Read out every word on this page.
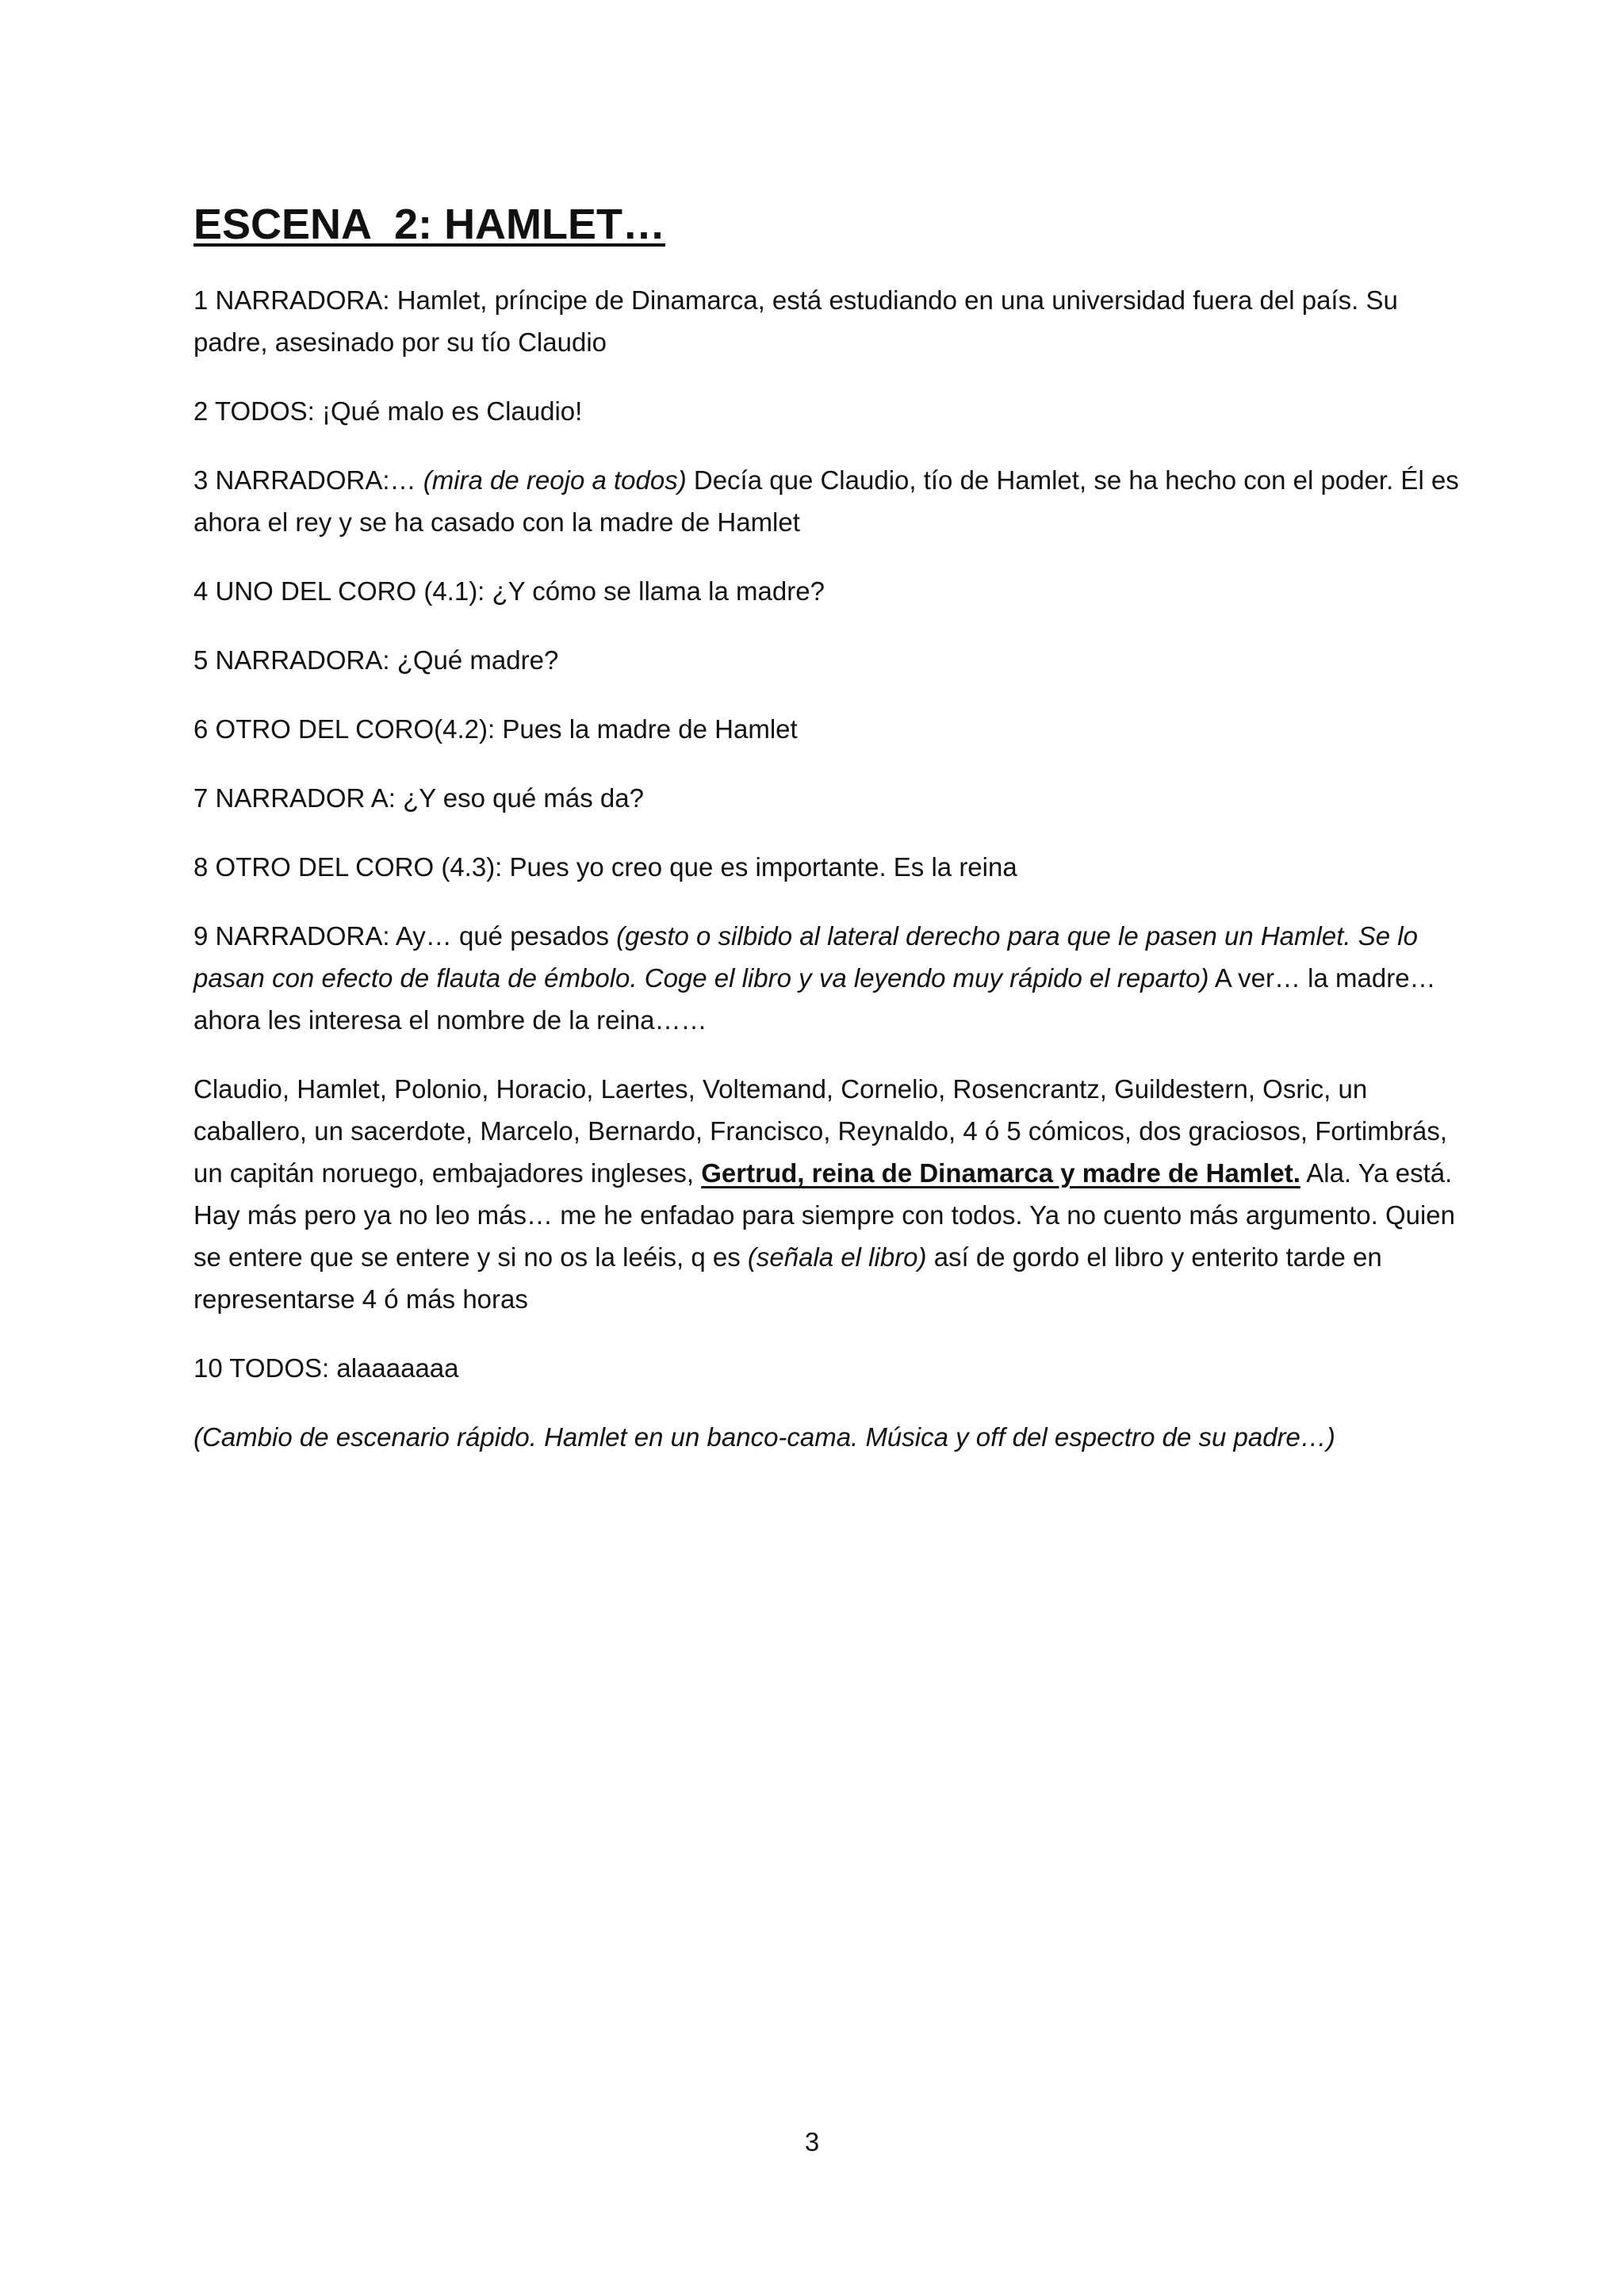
ESCENA  2: HAMLET…

1 NARRADORA: Hamlet, príncipe de Dinamarca, está estudiando en una universidad fuera del país. Su padre, asesinado por su tío Claudio

2 TODOS: ¡Qué malo es Claudio!

3 NARRADORA:… (mira de reojo a todos) Decía que Claudio, tío de Hamlet, se ha hecho con el poder. Él es ahora el rey y se ha casado con la madre de Hamlet

4 UNO DEL CORO (4.1): ¿Y cómo se llama la madre?

5 NARRADORA: ¿Qué madre?

6 OTRO DEL CORO(4.2): Pues la madre de Hamlet

7 NARRADOR A: ¿Y eso qué más da?

8 OTRO DEL CORO (4.3): Pues yo creo que es importante. Es la reina

9 NARRADORA: Ay… qué pesados (gesto o silbido al lateral derecho para que le pasen un Hamlet. Se lo pasan con efecto de flauta de émbolo. Coge el libro y va leyendo muy rápido el reparto) A ver… la madre… ahora les interesa el nombre de la reina……

Claudio, Hamlet, Polonio, Horacio, Laertes, Voltemand, Cornelio, Rosencrantz, Guildestern, Osric, un caballero, un sacerdote, Marcelo, Bernardo, Francisco, Reynaldo, 4 ó 5 cómicos, dos graciosos, Fortimbrás, un capitán noruego, embajadores ingleses, Gertrud, reina de Dinamarca y madre de Hamlet. Ala. Ya está. Hay más pero ya no leo más… me he enfadao para siempre con todos. Ya no cuento más argumento. Quien se entere que se entere y si no os la leéis, q es (señala el libro) así de gordo el libro y enterito tarde en representarse 4 ó más horas

10 TODOS: alaaaaaaa

(Cambio de escenario rápido. Hamlet en un banco-cama. Música y off del espectro de su padre…)

3
